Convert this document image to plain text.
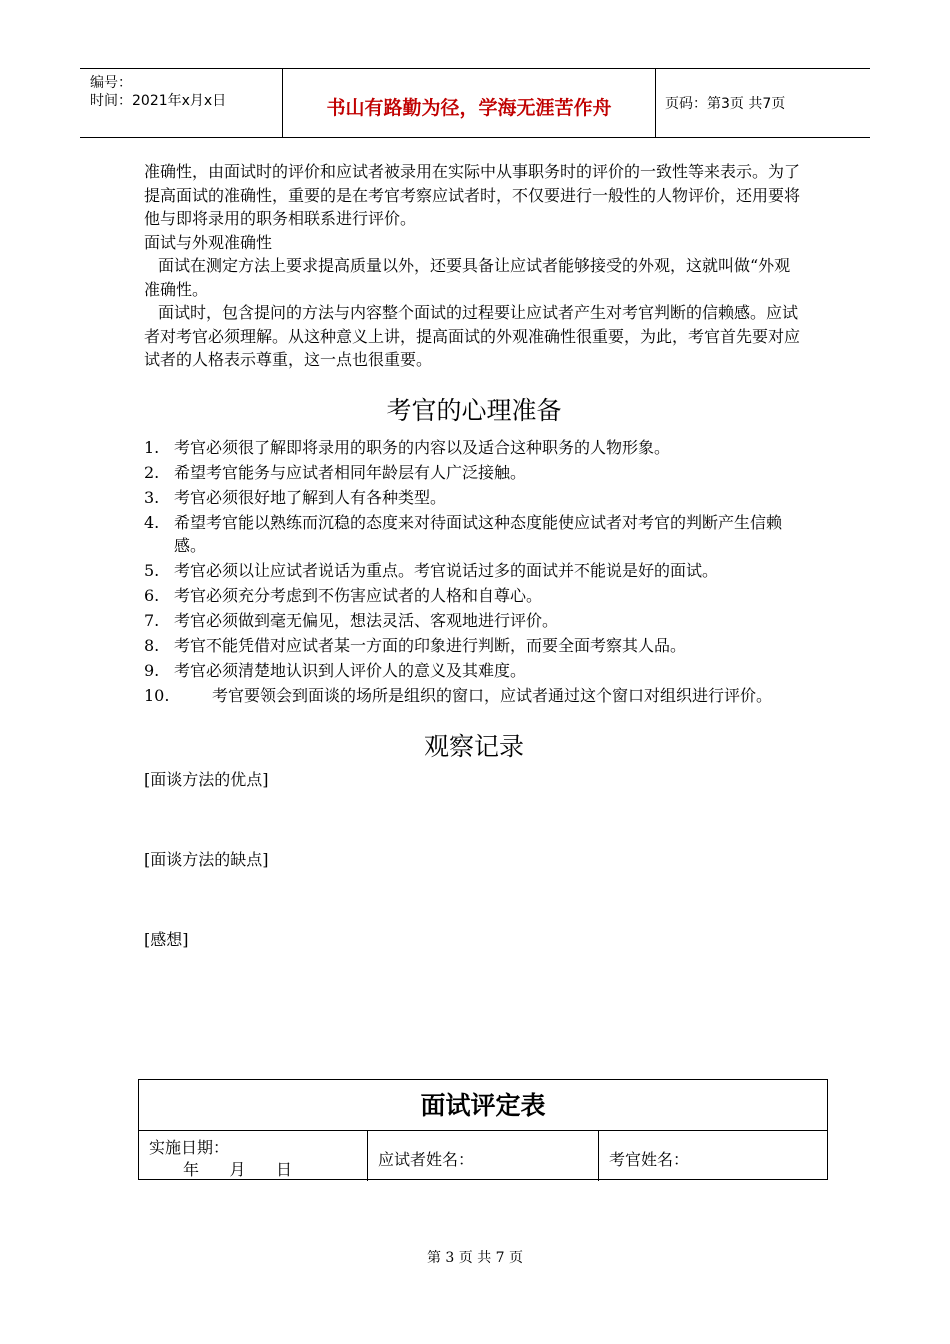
编号：
时间：2021年x月x日	书山有路勤为径，学海无涯苦作舟	页码：第3页 共7页

准确性，由面试时的评价和应试者被录用在实际中从事职务时的评价的一致性等来表示。为了提高面试的准确性，重要的是在考官考察应试者时，不仅要进行一般性的人物评价，还用要将他与即将录用的职务相联系进行评价。

面试与外观准确性

面试在测定方法上要求提高质量以外，还要具备让应试者能够接受的外观，这就叫做“外观准确性。

面试时，包含提问的方法与内容整个面试的过程要让应试者产生对考官判断的信赖感。应试者对考官必须理解。从这种意义上讲，提高面试的外观准确性很重要，为此，考官首先要对应试者的人格表示尊重，这一点也很重要。

考官的心理准备
1. 考官必须很了解即将录用的职务的内容以及适合这种职务的人物形象。
2. 希望考官能务与应试者相同年龄层有人广泛接触。
3. 考官必须很好地了解到人有各种类型。
4. 希望考官能以熟练而沉稳的态度来对待面试这种态度能使应试者对考官的判断产生信赖感。
5. 考官必须以让应试者说话为重点。考官说话过多的面试并不能说是好的面试。
6. 考官必须充分考虑到不伤害应试者的人格和自尊心。
7. 考官必须做到毫无偏见，想法灵活、客观地进行评价。
8. 考官不能凭借对应试者某一方面的印象进行判断，而要全面考察其人品。
9. 考官必须清楚地认识到人评价人的意义及其难度。
10.	考官要领会到面谈的场所是组织的窗口，应试者通过这个窗口对组织进行评价。
观察记录
[面谈方法的优点]
[面谈方法的缺点]
[感想]
面试评定表
实施日期：
年      月      日
应试者姓名：	考官姓名：
第 3 页 共 7 页
